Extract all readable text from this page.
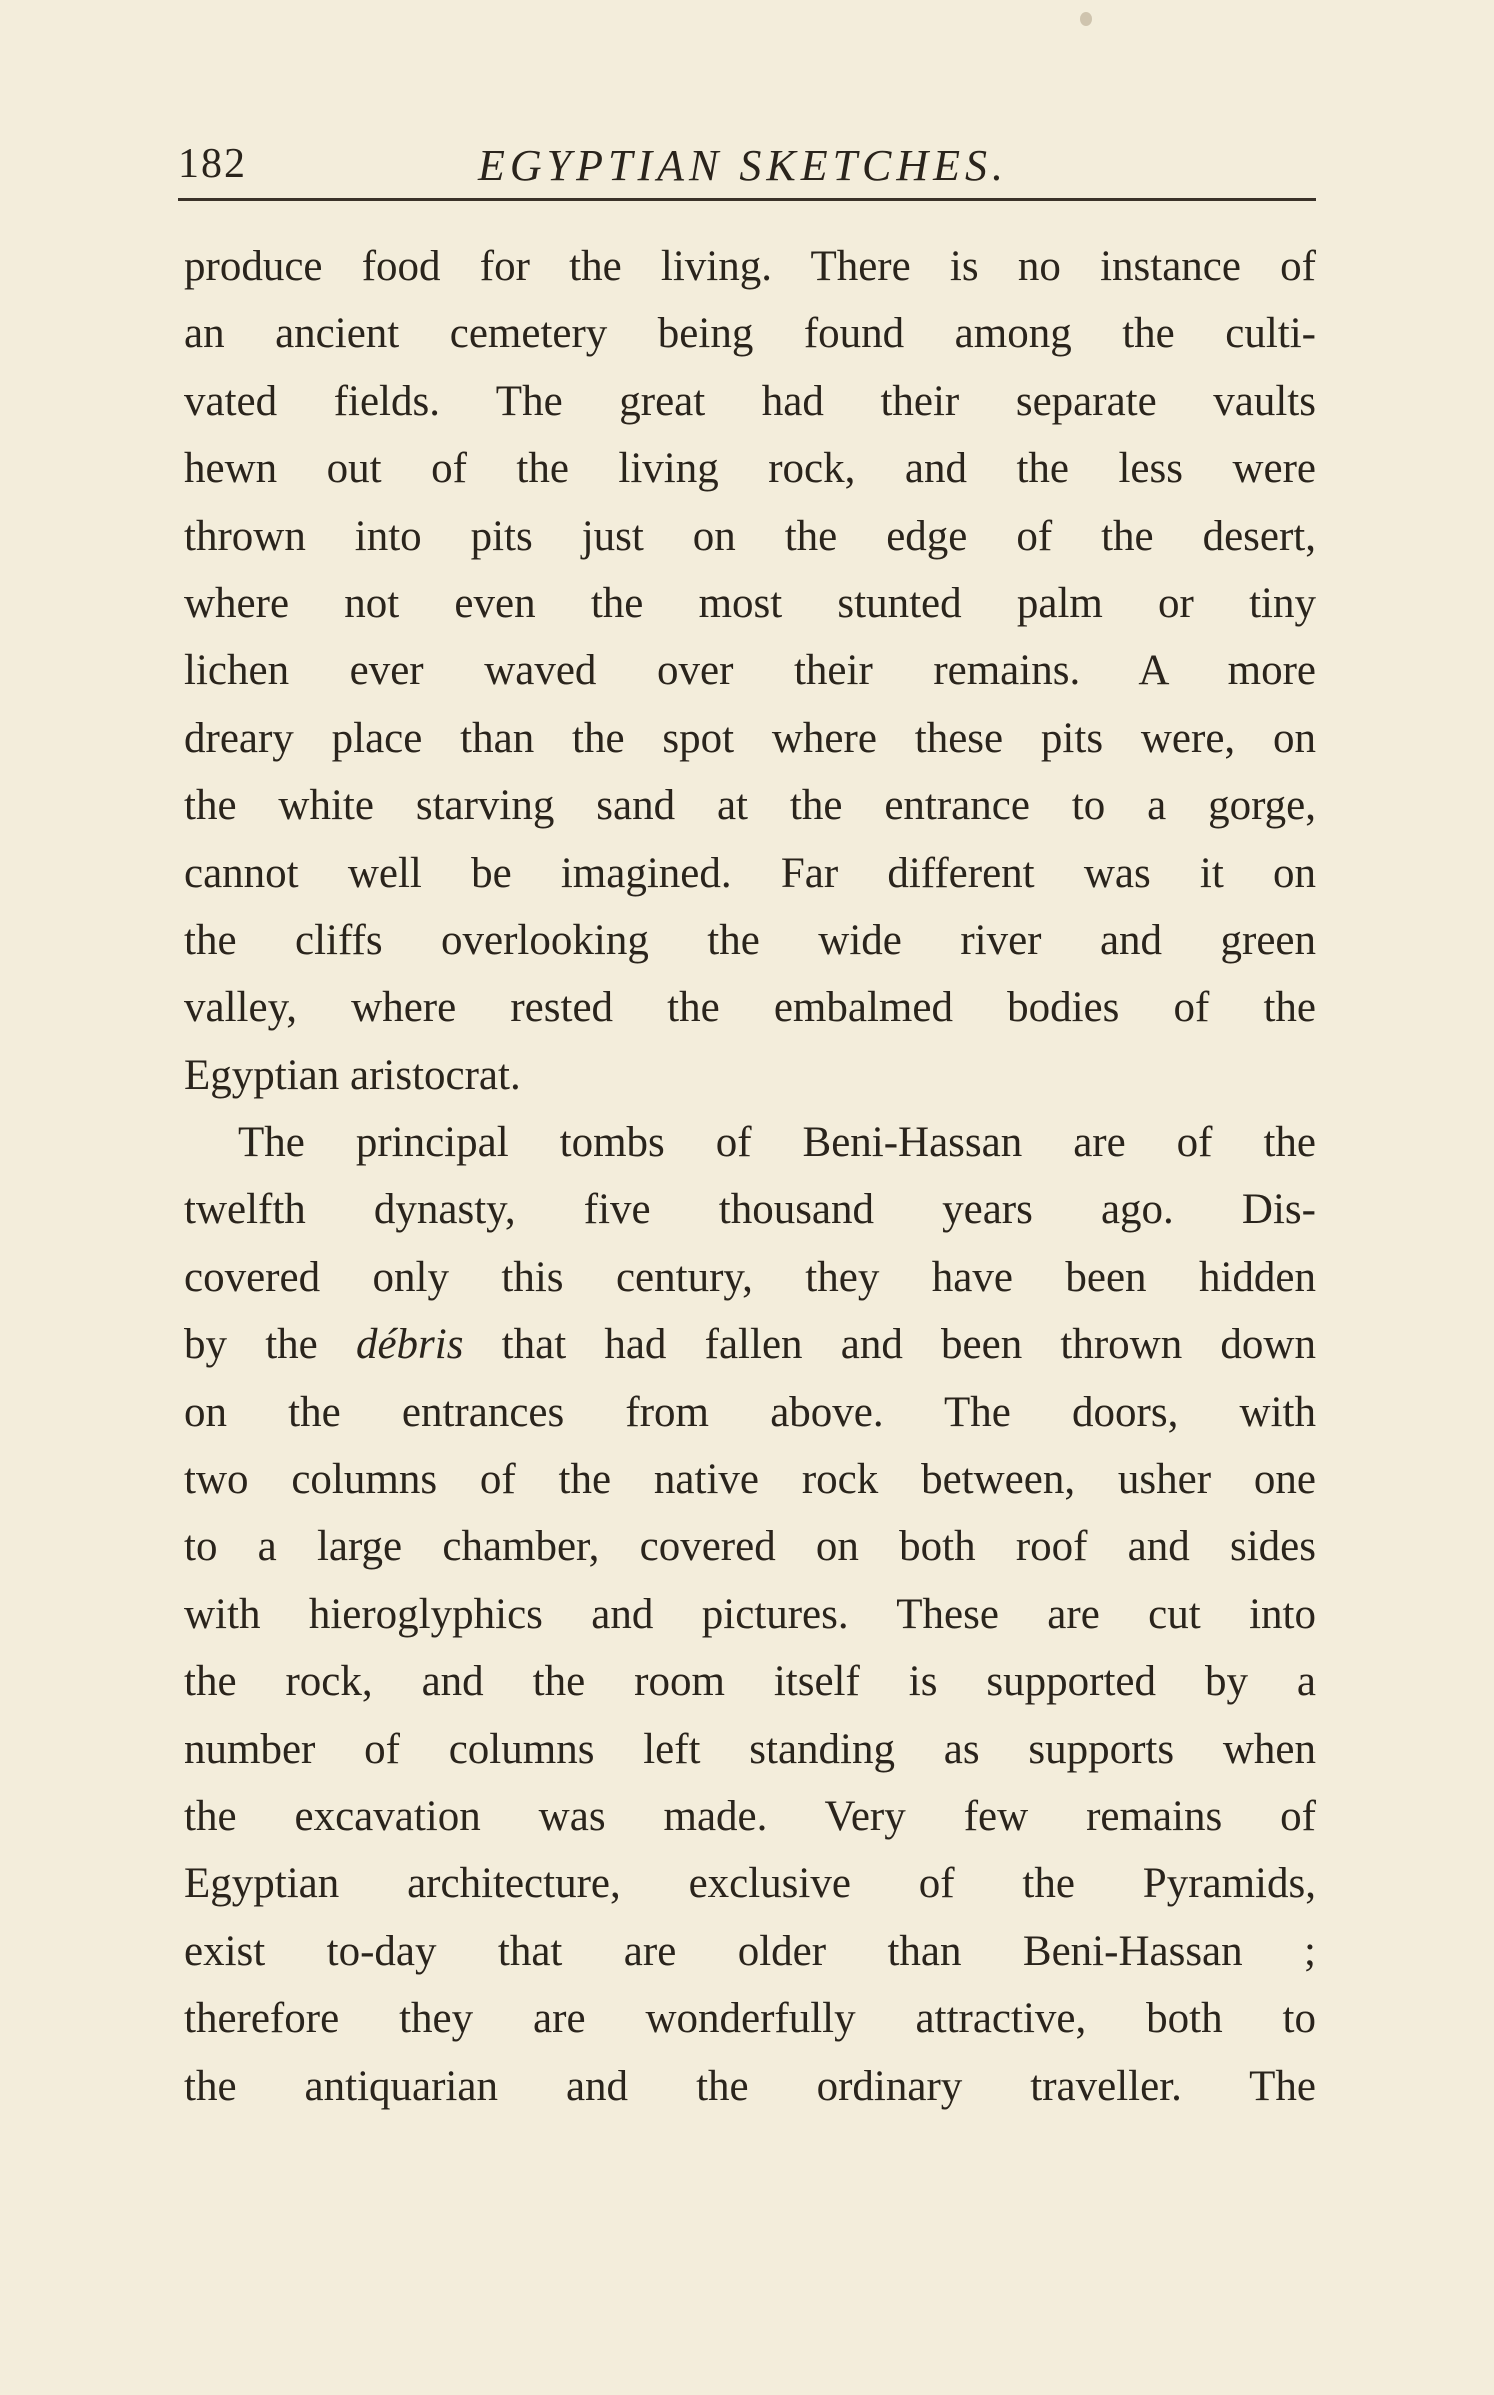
182	EGYPTIAN SKETCHES.
produce food for the living. There is no instance of
an ancient cemetery being found among the culti-
vated fields. The great had their separate vaults
hewn out of the living rock, and the less were
thrown into pits just on the edge of the desert,
where not even the most stunted palm or tiny
lichen ever waved over their remains. A more
dreary place than the spot where these pits were, on
the white starving sand at the entrance to a gorge,
cannot well be imagined. Far different was it on
the cliffs overlooking the wide river and green
valley, where rested the embalmed bodies of the
Egyptian aristocrat.
The principal tombs of Beni-Hassan are of the
twelfth dynasty, five thousand years ago. Dis-
covered only this century, they have been hidden
by the débris that had fallen and been thrown down
on the entrances from above. The doors, with
two columns of the native rock between, usher one
to a large chamber, covered on both roof and sides
with hieroglyphics and pictures. These are cut into
the rock, and the room itself is supported by a
number of columns left standing as supports when
the excavation was made. Very few remains of
Egyptian architecture, exclusive of the Pyramids,
exist to-day that are older than Beni-Hassan ;
therefore they are wonderfully attractive, both to
the antiquarian and the ordinary traveller. The
